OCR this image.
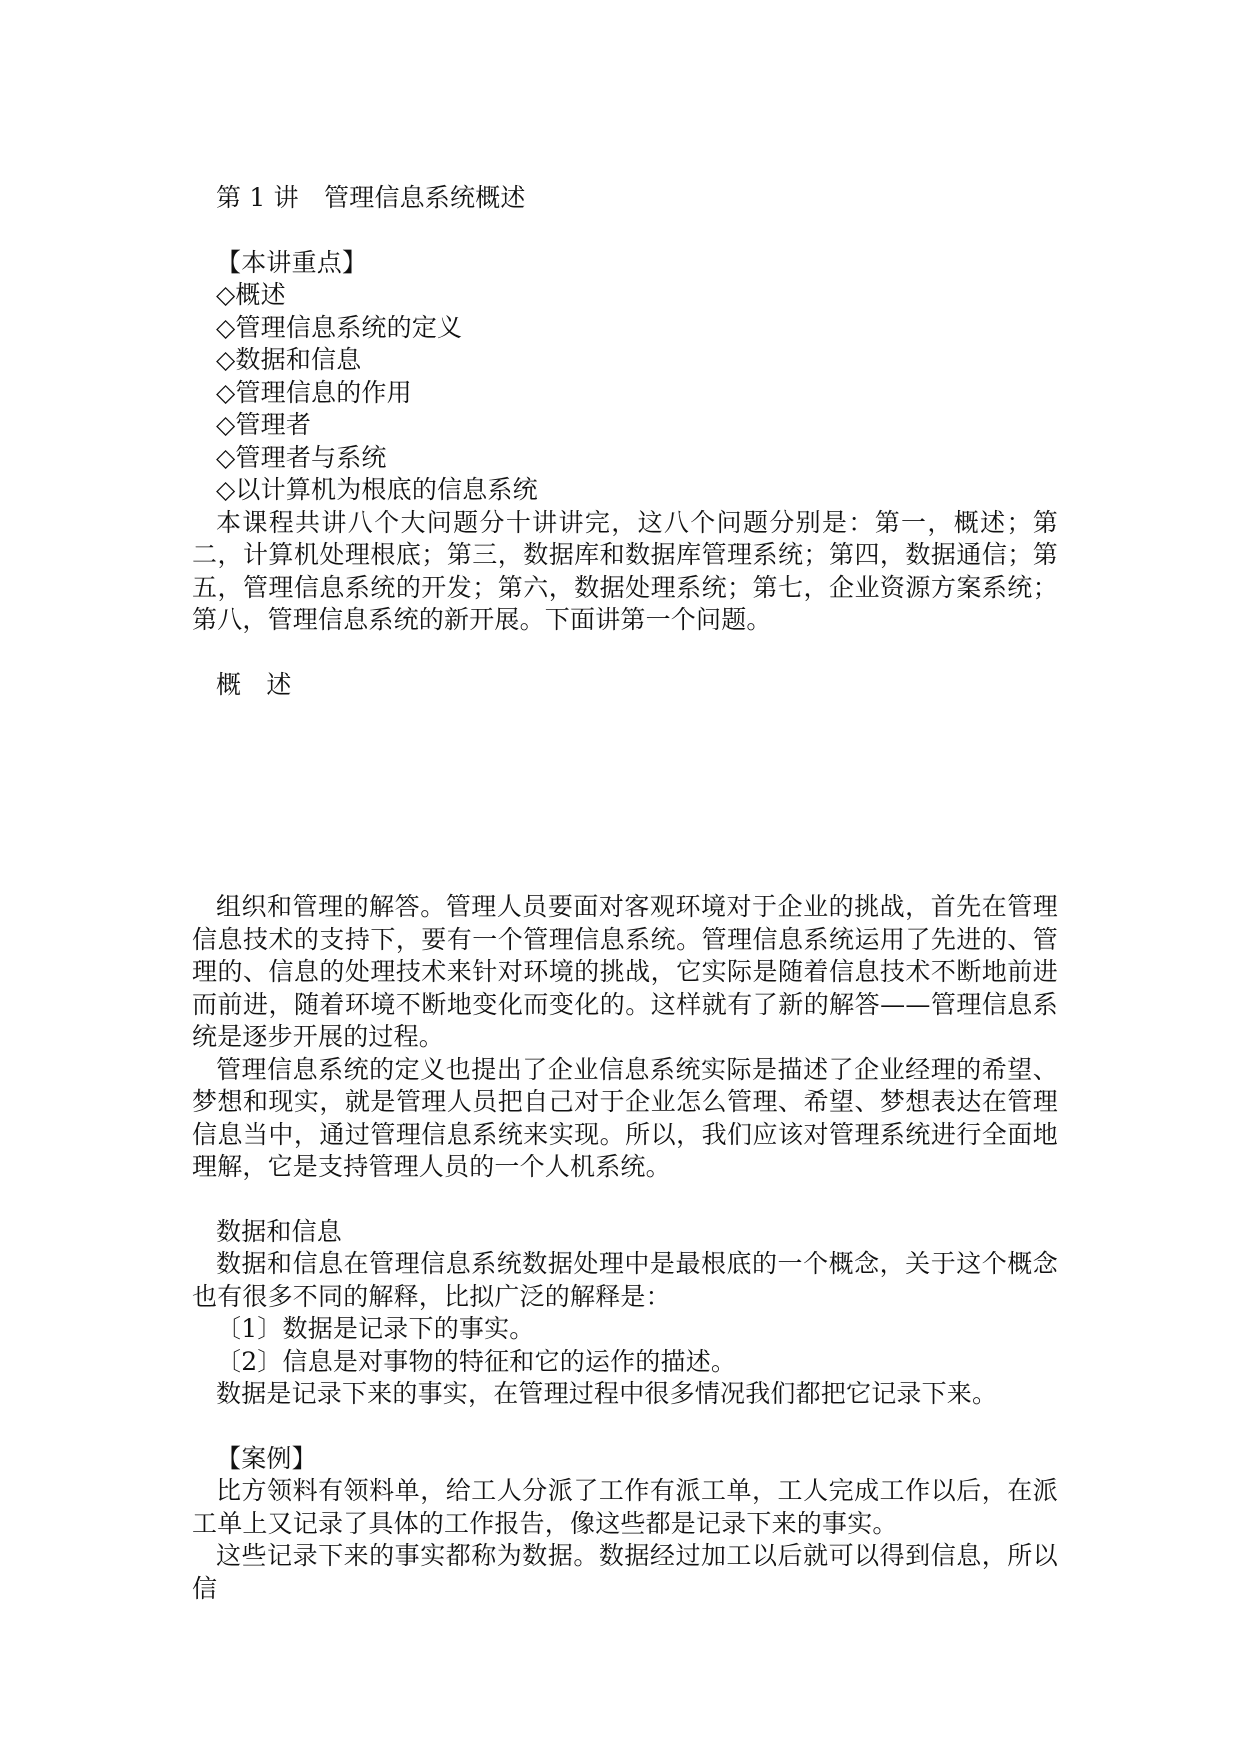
第 1 讲　管理信息系统概述
【本讲重点】
◇概述
◇管理信息系统的定义
◇数据和信息
◇管理信息的作用
◇管理者
◇管理者与系统
◇以计算机为根底的信息系统

本课程共讲八个大问题分十讲讲完，这八个问题分别是：第一，概述；第二，计算机处理根底；第三，数据库和数据库管理系统；第四，数据通信；第五，管理信息系统的开发；第六，数据处理系统；第七，企业资源方案系统；第八，管理信息系统的新开展。下面讲第一个问题。

概　述

组织和管理的解答。管理人员要面对客观环境对于企业的挑战，首先在管理信息技术的支持下，要有一个管理信息系统。管理信息系统运用了先进的、管理的、信息的处理技术来针对环境的挑战，它实际是随着信息技术不断地前进而前进，随着环境不断地变化而变化的。这样就有了新的解答——管理信息系统是逐步开展的过程。

管理信息系统的定义也提出了企业信息系统实际是描述了企业经理的希望、梦想和现实，就是管理人员把自己对于企业怎么管理、希望、梦想表达在管理信息当中，通过管理信息系统来实现。所以，我们应该对管理系统进行全面地理解，它是支持管理人员的一个人机系统。

数据和信息

数据和信息在管理信息系统数据处理中是最根底的一个概念，关于这个概念也有很多不同的解释，比拟广泛的解释是：

〔1〕数据是记录下的事实。

〔2〕信息是对事物的特征和它的运作的描述。

数据是记录下来的事实，在管理过程中很多情况我们都把它记录下来。

【案例】

比方领料有领料单，给工人分派了工作有派工单，工人完成工作以后，在派工单上又记录了具体的工作报告，像这些都是记录下来的事实。

这些记录下来的事实都称为数据。数据经过加工以后就可以得到信息，所以信
